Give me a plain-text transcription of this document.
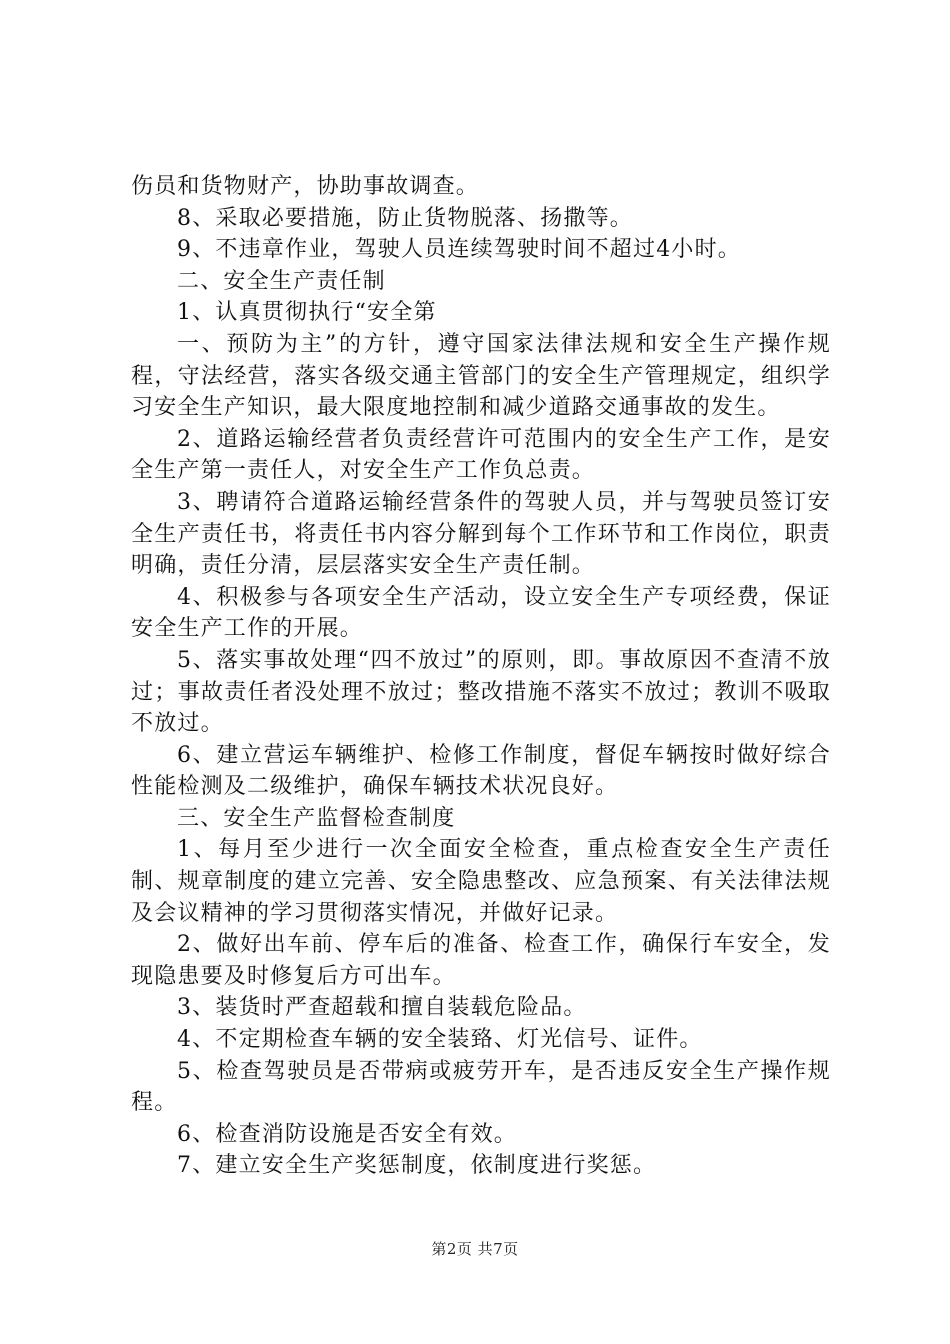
伤员和货物财产，协助事故调查。

8、采取必要措施，防止货物脱落、扬撒等。

9、不违章作业，驾驶人员连续驾驶时间不超过4小时。

二、安全生产责任制

1、认真贯彻执行“安全第

一、预防为主”的方针，遵守国家法律法规和安全生产操作规程，守法经营，落实各级交通主管部门的安全生产管理规定，组织学习安全生产知识，最大限度地控制和减少道路交通事故的发生。

2、道路运输经营者负责经营许可范围内的安全生产工作，是安全生产第一责任人，对安全生产工作负总责。

3、聘请符合道路运输经营条件的驾驶人员，并与驾驶员签订安全生产责任书，将责任书内容分解到每个工作环节和工作岗位，职责明确，责任分清，层层落实安全生产责任制。

4、积极参与各项安全生产活动，设立安全生产专项经费，保证安全生产工作的开展。

5、落实事故处理“四不放过”的原则，即。事故原因不查清不放过；事故责任者没处理不放过；整改措施不落实不放过；教训不吸取不放过。

6、建立营运车辆维护、检修工作制度，督促车辆按时做好综合性能检测及二级维护，确保车辆技术状况良好。

三、安全生产监督检查制度

1、每月至少进行一次全面安全检查，重点检查安全生产责任制、规章制度的建立完善、安全隐患整改、应急预案、有关法律法规及会议精神的学习贯彻落实情况，并做好记录。

2、做好出车前、停车后的准备、检查工作，确保行车安全，发现隐患要及时修复后方可出车。

3、装货时严查超载和擅自装载危险品。

4、不定期检查车辆的安全装臵、灯光信号、证件。

5、检查驾驶员是否带病或疲劳开车，是否违反安全生产操作规程。

6、检查消防设施是否安全有效。

7、建立安全生产奖惩制度，依制度进行奖惩。

第2页 共7页
